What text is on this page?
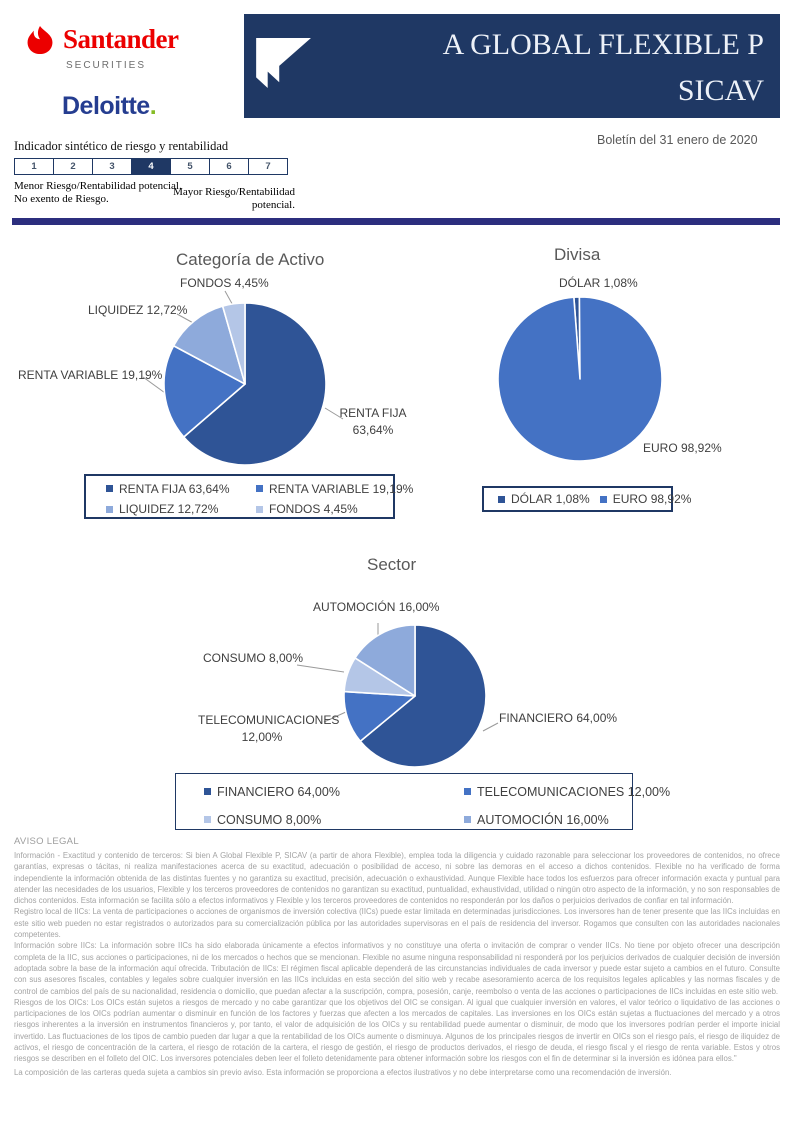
Santander
SECURITIES
Deloitte.
A GLOBAL FLEXIBLE P
SICAV
Boletín del 31 enero de 2020
Indicador sintético de riesgo y rentabilidad
1	2	3	4	5	6	7
Menor Riesgo/Rentabilidad potencial. No exento de Riesgo.
Mayor Riesgo/Rentabilidad potencial.
Categoría de Activo
FONDOS 4,45%
LIQUIDEZ 12,72%
RENTA VARIABLE 19,19%
RENTA FIJA 63,64%
RENTA FIJA 63,64%	RENTA VARIABLE 19,19%
LIQUIDEZ 12,72%	FONDOS 4,45%
Divisa
DÓLAR 1,08%
EURO 98,92%
DÓLAR 1,08% EURO 98,92%
Sector
AUTOMOCIÓN 16,00%
CONSUMO 8,00%
TELECOMUNICACIONES 12,00%
FINANCIERO 64,00%
FINANCIERO 64,00%	TELECOMUNICACIONES 12,00%
CONSUMO 8,00%	AUTOMOCIÓN 16,00%
AVISO LEGAL

Información - Exactitud y contenido de terceros: Si bien A Global Flexible P, SICAV (a partir de ahora Flexible), emplea toda la diligencia y cuidado razonable para seleccionar los proveedores de contenidos, no ofrece garantías, expresas o tácitas, ni realiza manifestaciones acerca de su exactitud, adecuación o posibilidad de acceso, ni sobre las demoras en el acceso a dichos contenidos. Flexible no ha verificado de forma independiente la información obtenida de las distintas fuentes y no garantiza su exactitud, precisión, adecuación o exhaustividad. Aunque Flexible hace todos los esfuerzos para ofrecer información exacta y puntual para atender las necesidades de los usuarios, Flexible y los terceros proveedores de contenidos no garantizan su exactitud, puntualidad, exhaustividad, utilidad o ningún otro aspecto de la información, y no son responsables de dichos contenidos. Esta información se facilita sólo a efectos informativos y Flexible y los terceros proveedores de contenidos no responderán por los daños o perjuicios derivados de confiar en tal información.

Registro local de IICs: La venta de participaciones o acciones de organismos de inversión colectiva (IICs) puede estar limitada en determinadas jurisdicciones. Los inversores han de tener presente que las IICs incluidas en este sitio web pueden no estar registrados o autorizados para su comercialización pública por las autoridades supervisoras en el país de residencia del inversor. Rogamos que consulten con las autoridades nacionales competentes.

Información sobre IICs: La información sobre IICs ha sido elaborada únicamente a efectos informativos y no constituye una oferta o invitación de comprar o vender IICs. No tiene por objeto ofrecer una descripción completa de la IIC, sus acciones o participaciones, ni de los mercados o hechos que se mencionan. Flexible no asume ninguna responsabilidad ni responderá por los perjuicios derivados de cualquier decisión de inversión adoptada sobre la base de la información aquí ofrecida. Tributación de IICs: El régimen fiscal aplicable dependerá de las circunstancias individuales de cada inversor y puede estar sujeto a cambios en el futuro. Consulte con sus asesores fiscales, contables y legales sobre cualquier inversión en las IICs incluidas en esta sección del sitio web y recabe asesoramiento acerca de los requisitos legales aplicables y las normas fiscales y de control de cambios del país de su nacionalidad, residencia o domicilio, que puedan afectar a la suscripción, compra, posesión, canje, reembolso o venta de las acciones o participaciones de IICs incluidas en este sitio web.

Riesgos de los OICs: Los OICs están sujetos a riesgos de mercado y no cabe garantizar que los objetivos del OIC se consigan. Al igual que cualquier inversión en valores, el valor teórico o liquidativo de las acciones o participaciones de los OICs podrían aumentar o disminuir en función de los factores y fuerzas que afecten a los mercados de capitales. Las inversiones en los OICs están sujetas a fluctuaciones del mercado y a otros riesgos inherentes a la inversión en instrumentos financieros y, por tanto, el valor de adquisición de los OICs y su rentabilidad puede aumentar o disminuir, de modo que los inversores podrían perder el importe inicial invertido. Las fluctuaciones de los tipos de cambio pueden dar lugar a que la rentabilidad de los OICs aumente o disminuya. Algunos de los principales riesgos de invertir en OICs son el riesgo país, el riesgo de iliquidez de activos, el riesgo de concentración de la cartera, el riesgo de rotación de la cartera, el riesgo de gestión, el riesgo de productos derivados, el riesgo de deuda, el riesgo fiscal y el riesgo de renta variable. Estos y otros riesgos se describen en el folleto del OIC. Los inversores potenciales deben leer el folleto detenidamente para obtener información sobre los riesgos con el fin de determinar si la inversión es idónea para ellos."

La composición de las carteras queda sujeta a cambios sin previo aviso. Esta información se proporciona a efectos ilustrativos y no debe interpretarse como una recomendación de inversión.
